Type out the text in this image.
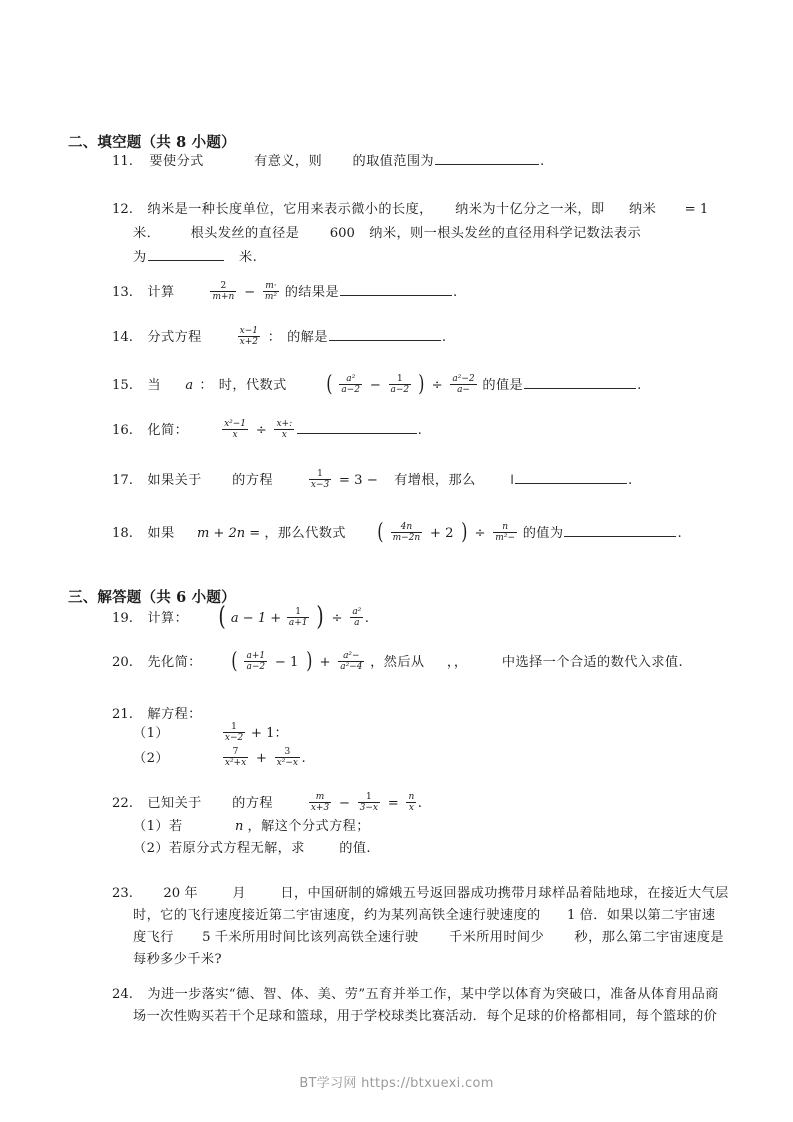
二、填空题（共 8 小题）
11. 要使分式	有意义，则 的取值范围为	.
12. 纳米是一种长度单位，它用来表示微小的长度， 纳米为十亿分之一米，即 纳米 = 1
米． 根头发丝的直径是 600 纳米，则一根头发丝的直径用科学记数法表示
为	米.
13. 计算	$\frac{2}{m+n} - \frac{m\cdot}{\text{m²}}$ 的结果是	.
14. 分式方程	$\frac{x-1}{x+2}$ ： 的解是	.
15. 当 a ： 时，代数式 ( $\frac{\text{a²}}{a-2} - \frac{1}{a-2}$ ) ÷ $\frac{\text{a²−2}}{a-}$ 的值是	.
16. 化简：	$\frac{\text{x²−1}}{x} \div \frac{x+:}{x}$	.
17. 如果关于 的方程	$\frac{1}{x-3} = 3$ − 有增根，那么	ǀ	.
18. 如果 m + 2n = ，那么代数式 ( $\frac{4n}{m-2n} + 2$ ) ÷ $\frac{n}{\text{m²−}}$ 的值为	.
三、解答题（共 6 小题）
19. 计算： ( $a - 1 + \frac{1}{a+1}$ ) ÷ $\frac{\text{a²}}{a}$ .
20. 先化简： ( $\frac{a+1}{a-2} - 1$ ) + $\frac{\text{a²−}}{\text{a²−4}}$ ，然后从 ，，	中选择一个合适的数代入求值.
21. 解方程：
（1）	$\frac{1}{x-2} + 1$：
（2）	$\frac{7}{\text{x²+x}} + \frac{3}{\text{x²−x}}$ .
22. 已知关于 的方程	$\frac{m}{x+3} - \frac{1}{3-x} = \frac{n}{x}$ .
（1）若	n ，解这个分式方程；
（2）若原分式方程无解，求	的值.
23. 20 年	月	日，中国研制的嫦娥五号返回器成功携带月球样品着陆地球，在接近大气层
时，它的飞行速度接近第二宇宙速度，约为某列高铁全速行驶速度的 1 倍．如果以第二宇宙速
度飞行 5 千米所用时间比该列高铁全速行驶 千米所用时间少 秒，那么第二宇宙速度是
每秒多少千米?
24. 为进一步落实“德、智、体、美、劳”五育并举工作，某中学以体育为突破口，准备从体育用品商
场一次性购买若干个足球和篮球，用于学校球类比赛活动．每个足球的价格都相同，每个篮球的价
BT学习网 https://btxuexi.com
